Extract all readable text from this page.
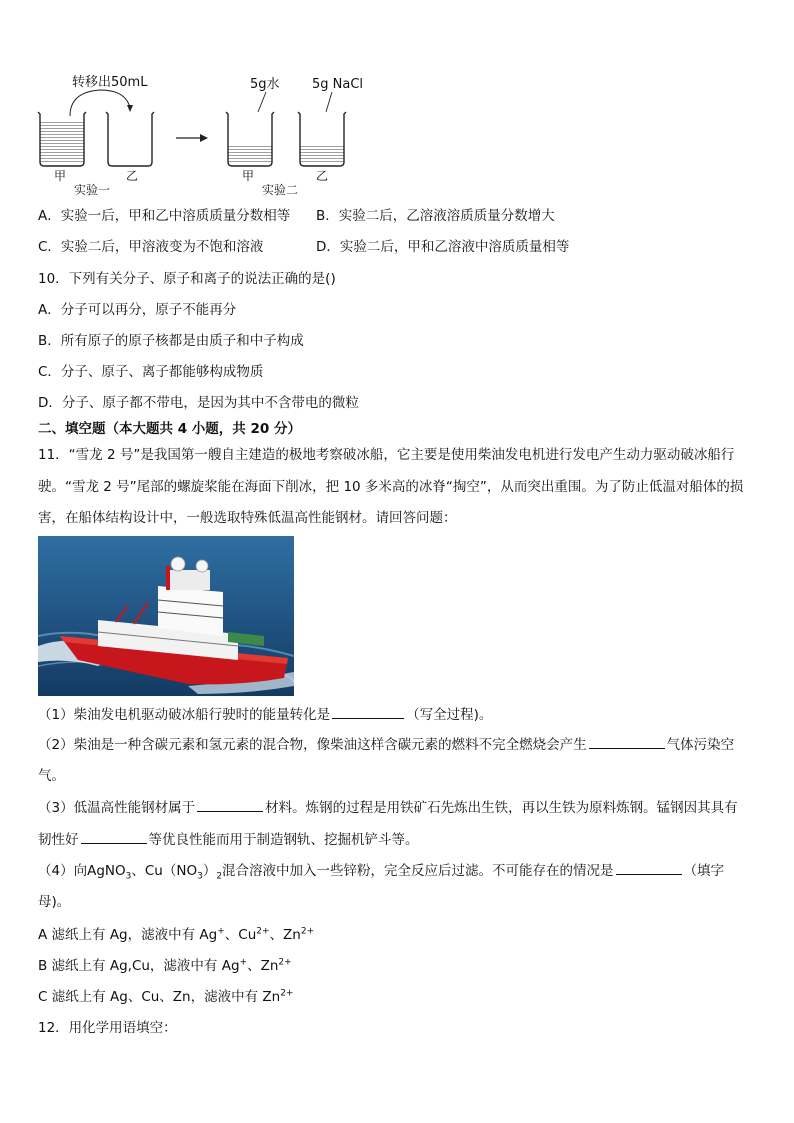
转移出50mL	5g水 5g NaCl
甲	乙
实验一
甲	乙
实验二
A．实验一后，甲和乙中溶质质量分数相等 B．实验二后，乙溶液溶质质量分数增大
C．实验二后，甲溶液变为不饱和溶液	D．实验二后，甲和乙溶液中溶质质量相等
10．下列有关分子、原子和离子的说法正确的是()
A．分子可以再分，原子不能再分
B．所有原子的原子核都是由质子和中子构成
C．分子、原子、离子都能够构成物质
D．分子、原子都不带电，是因为其中不含带电的微粒
二、填空题（本大题共 4 小题，共 20 分）
11．“雪龙 2 号”是我国第一艘自主建造的极地考察破冰船，它主要是使用柴油发电机进行发电产生动力驱动破冰船行
驶。“雪龙 2 号”尾部的螺旋桨能在海面下削冰，把 10 多米高的冰脊“掏空”，从而突出重围。为了防止低温对船体的损
害，在船体结构设计中，一般选取特殊低温高性能钢材。请回答问题：
（1）柴油发电机驱动破冰船行驶时的能量转化是	（写全过程)。
（2）柴油是一种含碳元素和氢元素的混合物，像柴油这样含碳元素的燃料不完全燃烧会产生	气体污染空
气。
（3）低温高性能钢材属于	材料。炼钢的过程是用铁矿石先炼出生铁，再以生铁为原料炼钢。锰钢因其具有
韧性好	等优良性能而用于制造钢轨、挖掘机铲斗等。
（4）向AgNO$_3$、$Cu(NO_3)_2$混合溶液中加入一些锌粉，完全反应后过滤。不可能存在的情况是	（填字
母)。
A 滤纸上有 Ag，滤液中有 Ag+、$Cu^{2+}$、$Zn^{2+}$
B 滤纸上有 Ag,Cu，滤液中有 Ag+、$Zn^{2+}$
C 滤纸上有 Ag、Cu、Zn，滤液中有 $Zn^{2+}$
12．用化学用语填空：
